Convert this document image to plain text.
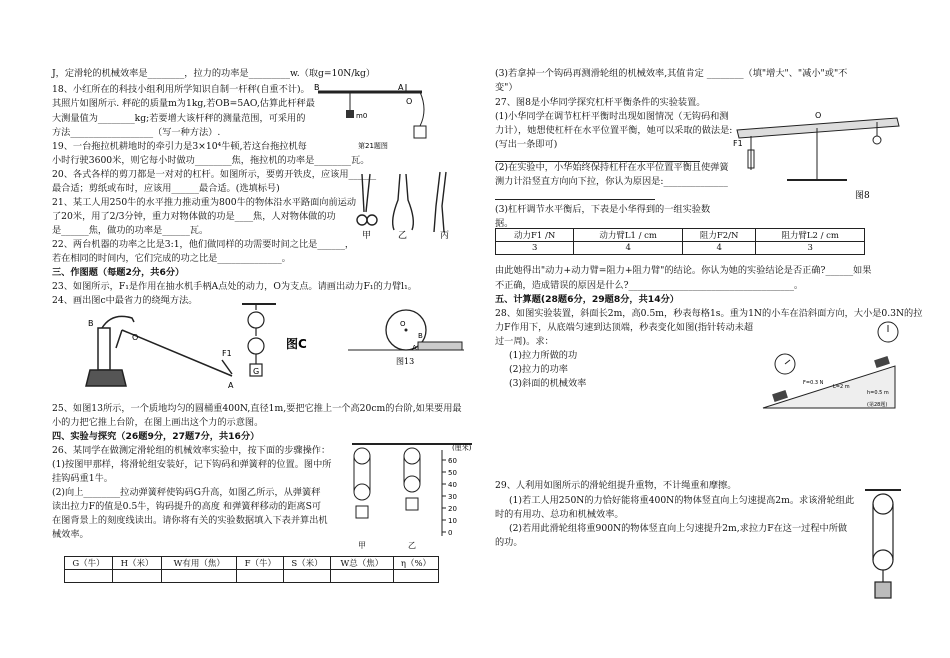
J，定滑轮的机械效率是________，拉力的功率是_________w.（取g=10N/kg）
18、小红所在的科技小组利用所学知识自制一杆秤(自重不计)。
其照片如图所示. 秤砣的质量m为1kg,若OB=5AO,估算此杆秤最
大测量值为________kg;若要增大该杆秤的测量范围，可采用的
方法__________________（写一种方法）.
19、一台拖拉机耕地时的牵引力是3×10⁴牛顿,若这台拖拉机每
小时行驶3600米，则它每小时做功________焦，拖拉机的功率是________瓦。
20、各式各样的剪刀都是一对对的杠杆。如图所示，要剪开铁皮，应该用______
最合适；剪纸或布时，应该用______最合适。(选填标号)
21、某工人用250牛的水平推力推动重为800牛的物体沿水平路面向前运动
了20米，用了2/3分钟，重力对物体做的功是____焦，人对物体做的功
是______焦，做功的功率是______瓦。
22、两台机器的功率之比是3:1，他们做同样的功需要时间之比是______，
若在相同的时间内，它们完成的功之比是______________。
三、作图题（每题2分，共6分）
23、如图所示，F₁是作用在抽水机手柄A点处的动力，O为支点。请画出动力F₁的力臂l₁。
24、画出图c中最省力的绕绳方法。
B	A
O
m0
第21题图
甲	乙	丙
B
O
F1
A
G
图C
O
B
A
图13
25、如图13所示，一个质地均匀的圆桶重400N,直径1m,要把它推上一个高20cm的台阶,如果要用最
小的力把它推上台阶，在图上画出这个力的示意图。
四、实验与探究（26题9分，27题7分，共16分）
26、某同学在做测定滑轮组的机械效率实验中，按下面的步骤操作：
(1)按图甲那样，将滑轮组安装好，记下钩码和弹簧秤的位置。图中所
挂钩码重1牛。
(2)向上________拉动弹簧秤使钩码G升高，如图乙所示，从弹簧秤
读出拉力F的值是0.5牛，钩码提升的高度 和弹簧秤移动的距离S可
在图背景上的刻度线读出。请你将有关的实验数据填入下表并算出机
械效率。
(厘米)
60
50
40
30
20
10
0
甲	乙
G（牛）	H（米）	W有用（焦）	F（牛）	S（米）	W总（焦）	η（%）

(3)若拿掉一个钩码再测滑轮组的机械效率,其值肯定 ________（填"增大"、"减小"或"不
变"）
27、图8是小华同学探究杠杆平衡条件的实验装置。
(1)小华同学在调节杠杆平衡时出现如图情况（无钩码和测
力计），她想使杠杆在水平位置平衡，她可以采取的做法是:
(写出一条即可)
(2)在实验中，小华始终保持杠杆在水平位置平衡且使弹簧
测力计沿竖直方向向下拉，你认为原因是:______________
(3)杠杆调节水平衡后，下表是小华得到的一组实验数
据。
O
F1
图8
动力F1 /N	动力臂L1 / cm	阻力F2/N	阻力臂L2 / cm
3	4	4	3
由此她得出"动力+动力臂=阻力+阻力臂"的结论。你认为她的实验结论是否正确?______如果
不正确，造成错误的原因是什么?____________________________________。
五、计算题(28题6分，29题8分，共14分）
28、如图实验装置，斜面长2m，高0.5m，秒表每格1s。重为1N的小车在沿斜面方向，大小是0.3N的拉
力F作用下，从底端匀速到达顶端，秒表变化如图(指针转动未超
过一周)。求：
(1)拉力所做的功
(2)拉力的功率
(3)斜面的机械效率	F=0.3 N
L=2 m
h=0.5 m
(第28题)
29、人利用如图所示的滑轮组提升重物，不计绳重和摩擦。
(1)若工人用250N的力恰好能将重400N的物体竖直向上匀速提高2m。求该滑轮组此
时的有用功、总功和机械效率。
(2)若用此滑轮组将重900N的物体竖直向上匀速提升2m,求拉力F在这一过程中所做
的功。
